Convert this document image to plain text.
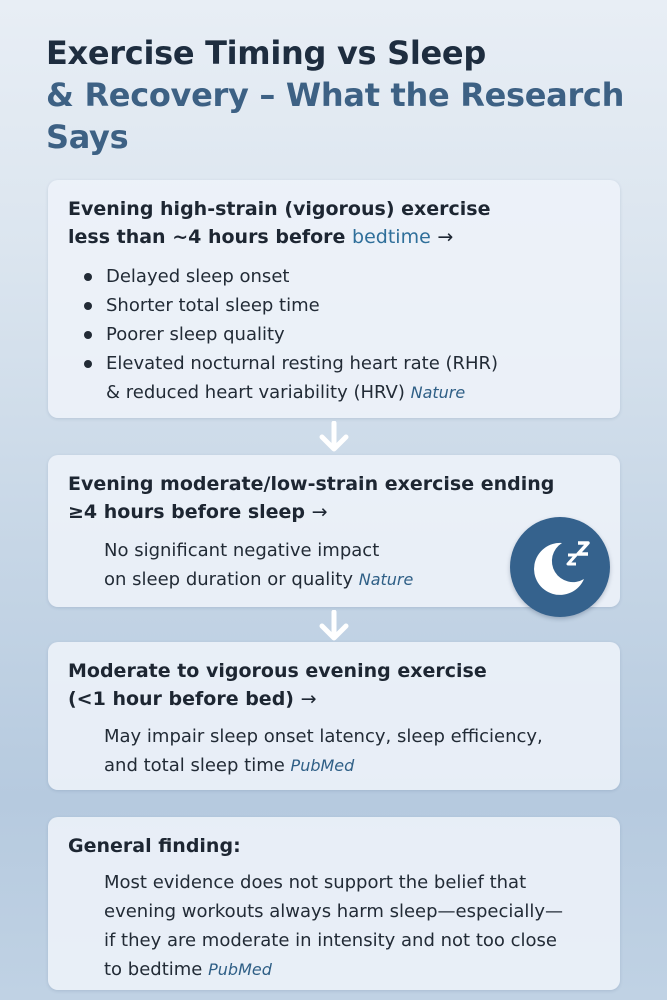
Exercise Timing vs Sleep
& Recovery – What the Research
Says
Evening high-strain (vigorous) exercise
less than ~4 hours before bedtime →
Delayed sleep onset
Shorter total sleep time
Poorer sleep quality
Elevated nocturnal resting heart rate (RHR)
& reduced heart variability (HRV) Nature
Evening moderate/low-strain exercise ending
≥4 hours before sleep →
No significant negative impact
on sleep duration or quality Nature
Moderate to vigorous evening exercise
(<1 hour before bed) →
May impair sleep onset latency, sleep efficiency,
and total sleep time PubMed
General finding:
Most evidence does not support the belief that
evening workouts always harm sleep—especially—
if they are moderate in intensity and not too close
to bedtime PubMed
